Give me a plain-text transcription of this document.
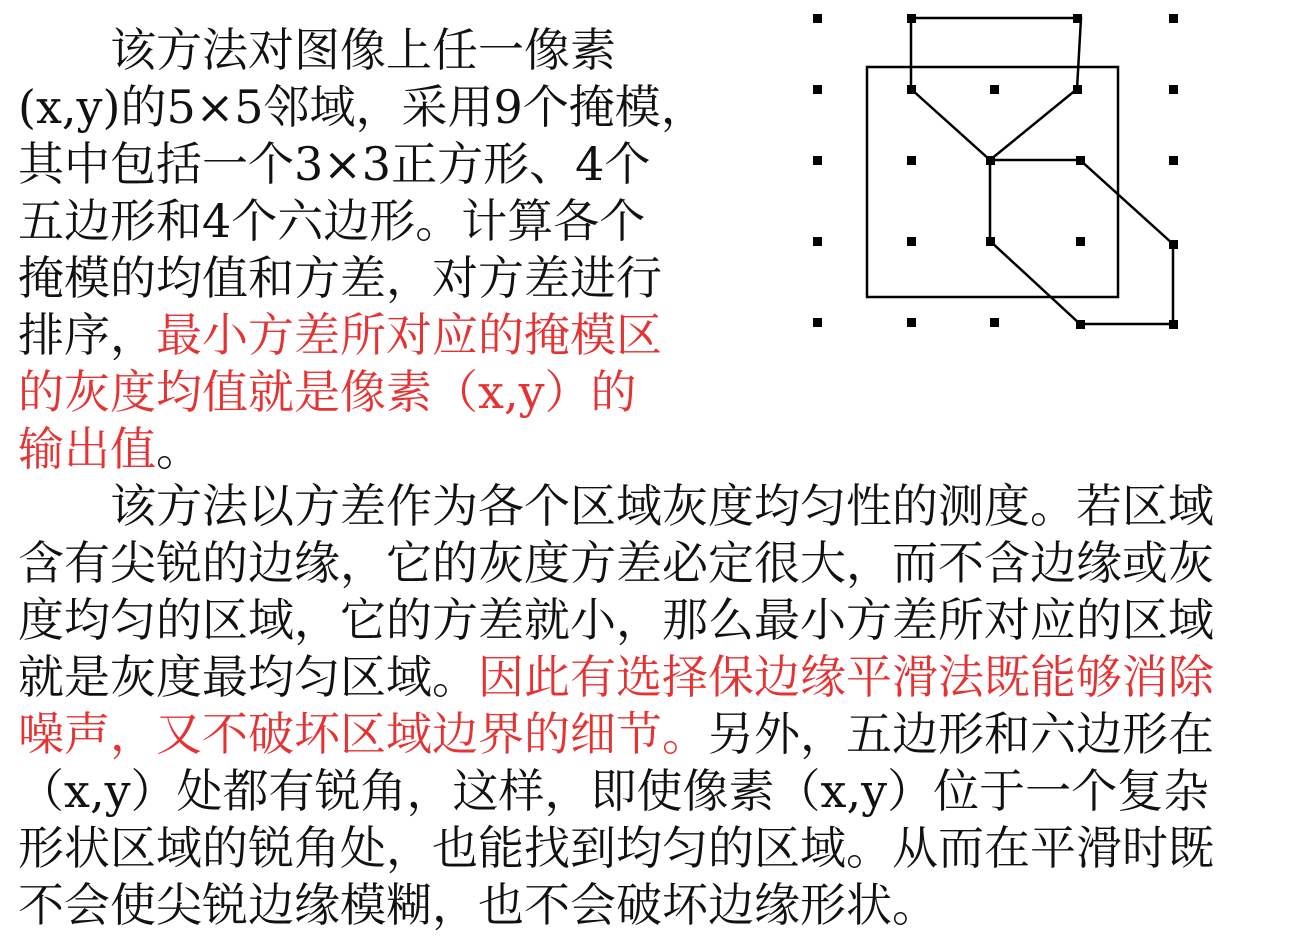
　　该方法对图像上任一像素
(x,y)的5×5邻域，采用9个掩模，
其中包括一个3×3正方形、4个
五边形和4个六边形。计算各个
掩模的均值和方差，对方差进行
排序，最小方差所对应的掩模区
的灰度均值就是像素（x,y）的
输出值。
　　该方法以方差作为各个区域灰度均匀性的测度。若区域
含有尖锐的边缘，它的灰度方差必定很大，而不含边缘或灰
度均匀的区域，它的方差就小，那么最小方差所对应的区域
就是灰度最均匀区域。因此有选择保边缘平滑法既能够消除
噪声，又不破坏区域边界的细节。另外，五边形和六边形在
（x,y）处都有锐角，这样，即使像素（x,y）位于一个复杂
形状区域的锐角处，也能找到均匀的区域。从而在平滑时既
不会使尖锐边缘模糊，也不会破坏边缘形状。
